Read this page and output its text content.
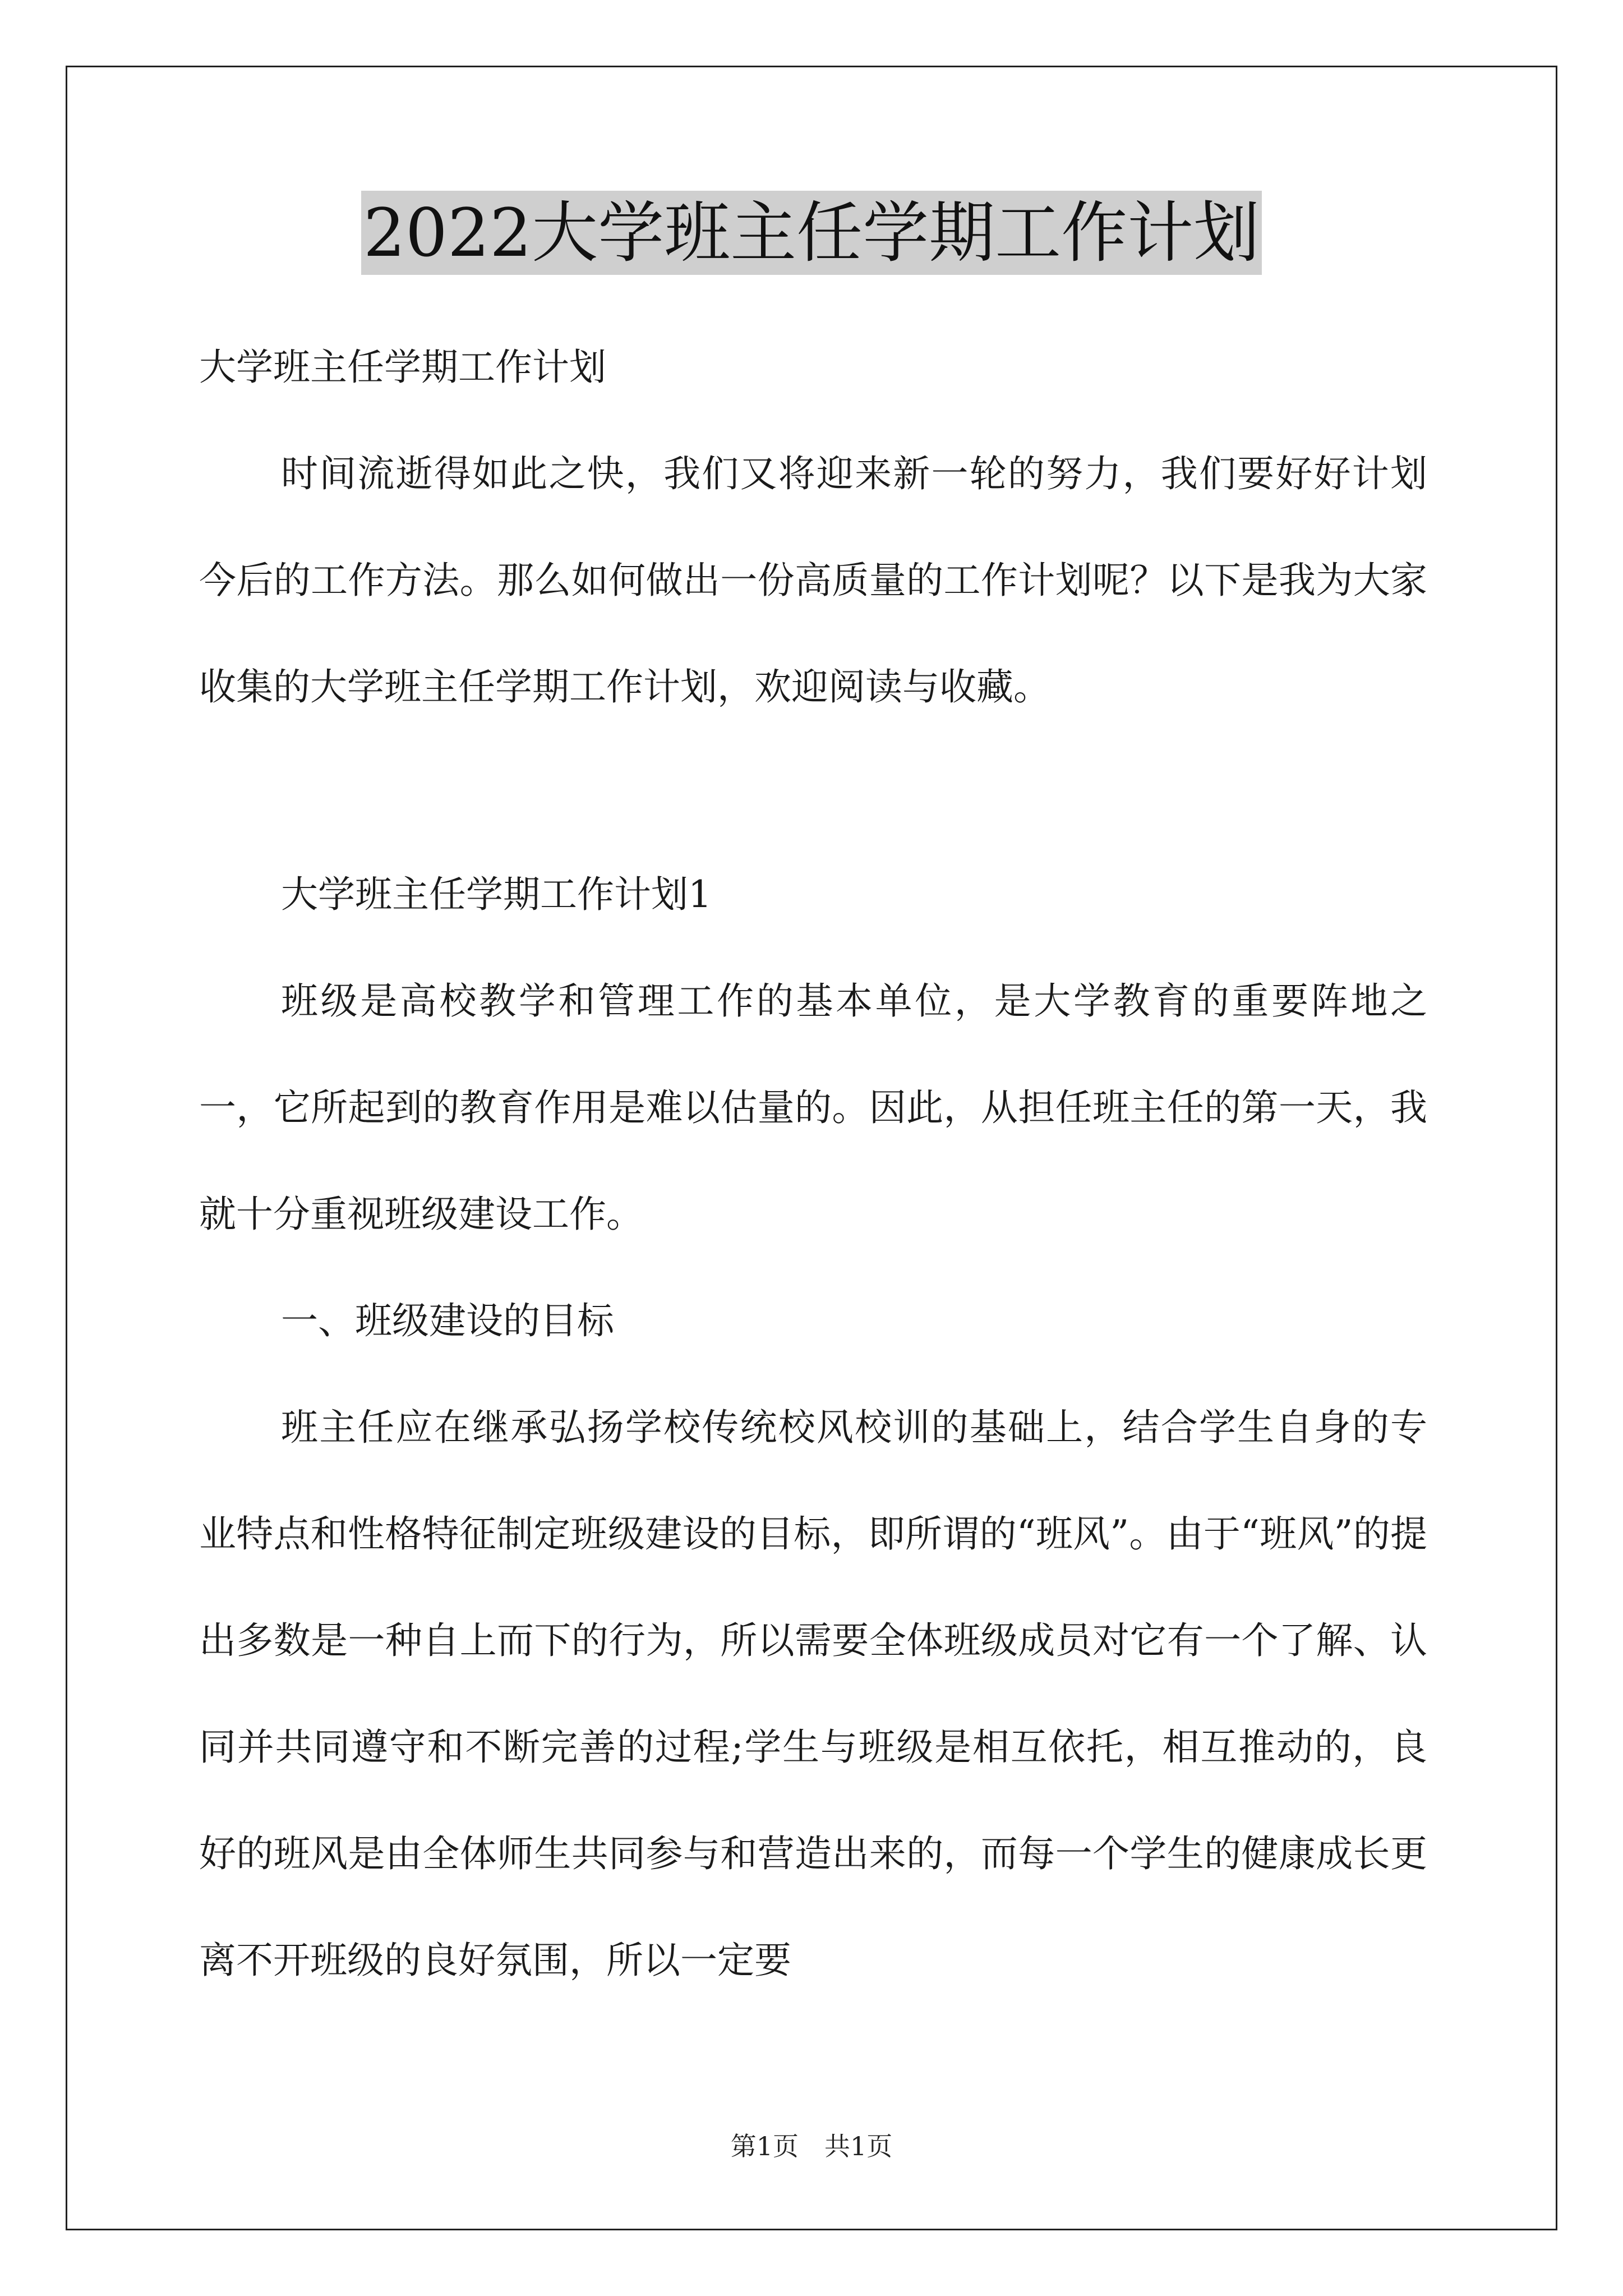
2022大学班主任学期工作计划

大学班主任学期工作计划

时间流逝得如此之快，我们又将迎来新一轮的努力，我们要好好计划今后的工作方法。那么如何做出一份高质量的工作计划呢？以下是我为大家收集的大学班主任学期工作计划，欢迎阅读与收藏。

大学班主任学期工作计划1

班级是高校教学和管理工作的基本单位，是大学教育的重要阵地之一，它所起到的教育作用是难以估量的。因此，从担任班主任的第一天，我就十分重视班级建设工作。

一、班级建设的目标

班主任应在继承弘扬学校传统校风校训的基础上，结合学生自身的专业特点和性格特征制定班级建设的目标，即所谓的“班风”。由于“班风”的提出多数是一种自上而下的行为，所以需要全体班级成员对它有一个了解、认同并共同遵守和不断完善的过程;学生与班级是相互依托，相互推动的，良好的班风是由全体师生共同参与和营造出来的，而每一个学生的健康成长更离不开班级的良好氛围，所以一定要

第1页　共1页
